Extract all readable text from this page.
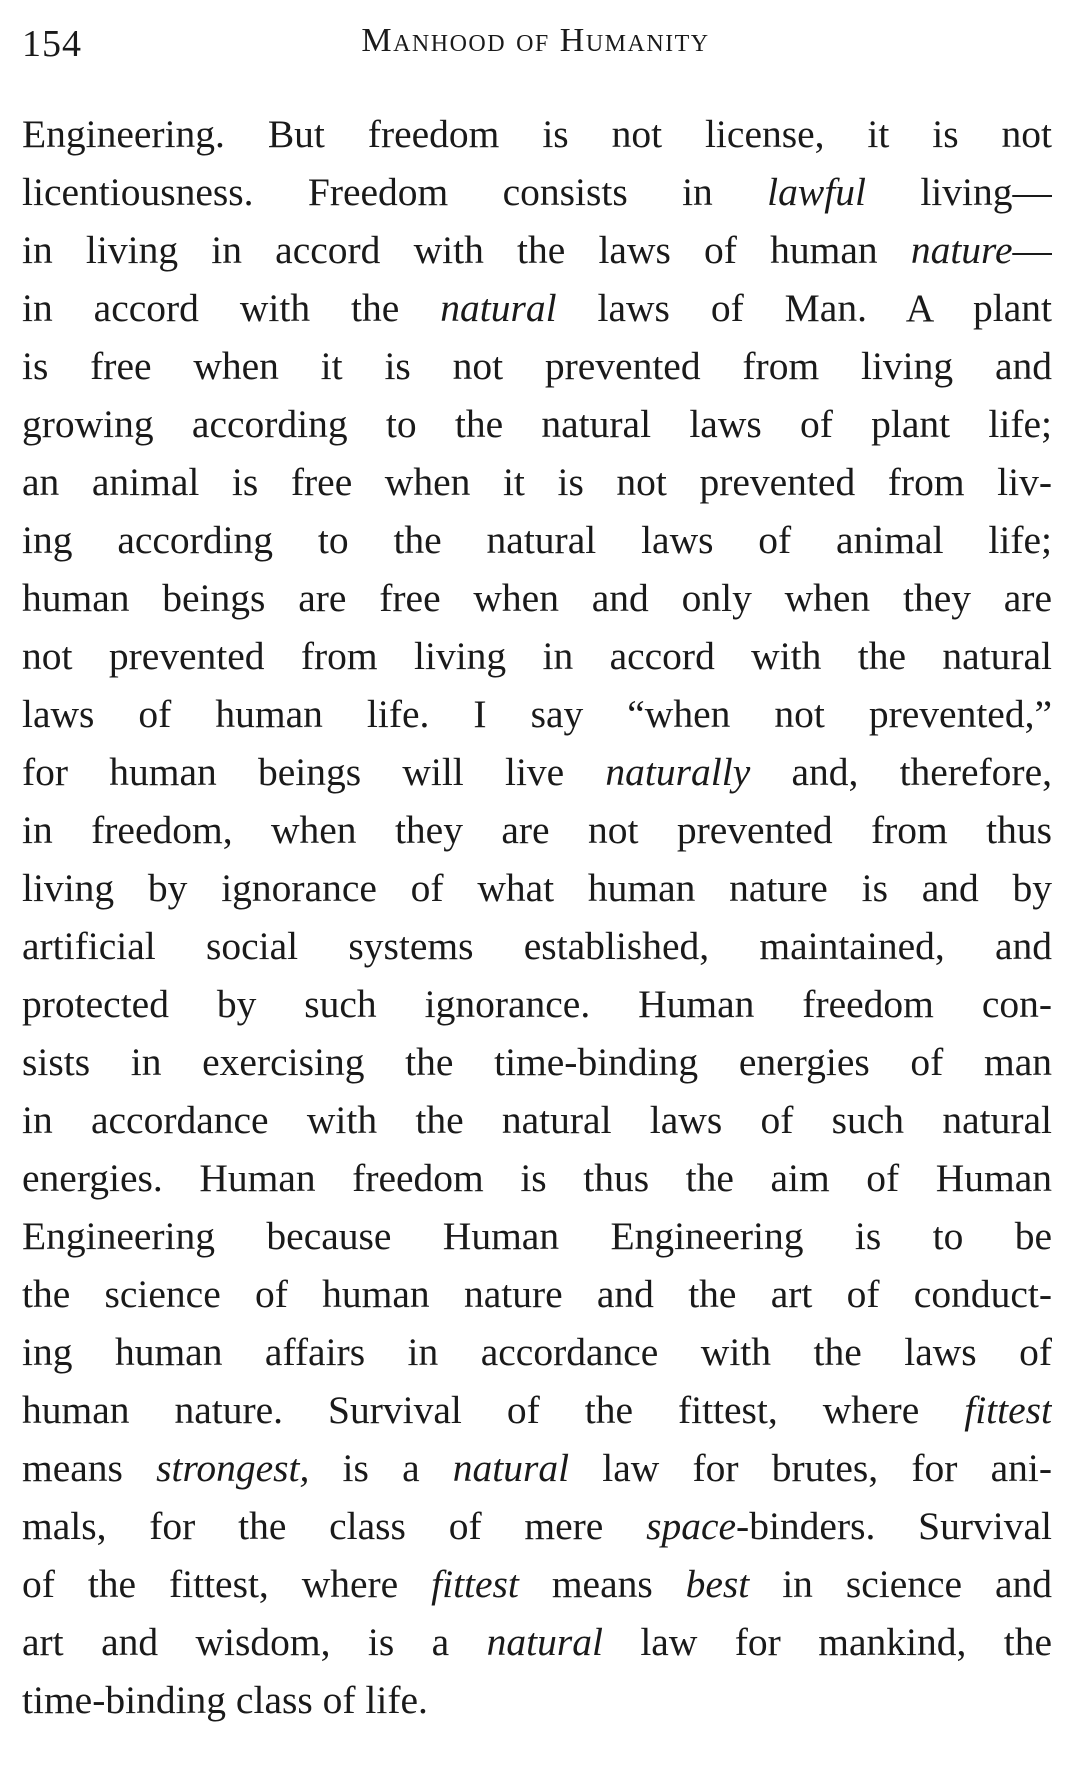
154	Manhood of Humanity
Engineering. But freedom is not license, it is not
licentiousness. Freedom consists in lawful living—
in living in accord with the laws of human nature—
in accord with the natural laws of Man. A plant
is free when it is not prevented from living and
growing according to the natural laws of plant life;
an animal is free when it is not prevented from liv-
ing according to the natural laws of animal life;
human beings are free when and only when they are
not prevented from living in accord with the natural
laws of human life. I say “when not prevented,”
for human beings will live naturally and, therefore,
in freedom, when they are not prevented from thus
living by ignorance of what human nature is and by
artificial social systems established, maintained, and
protected by such ignorance. Human freedom con-
sists in exercising the time-binding energies of man
in accordance with the natural laws of such natural
energies. Human freedom is thus the aim of Human
Engineering because Human Engineering is to be
the science of human nature and the art of conduct-
ing human affairs in accordance with the laws of
human nature. Survival of the fittest, where fittest
means strongest, is a natural law for brutes, for ani-
mals, for the class of mere space-binders. Survival
of the fittest, where fittest means best in science and
art and wisdom, is a natural law for mankind, the
time-binding class of life.
